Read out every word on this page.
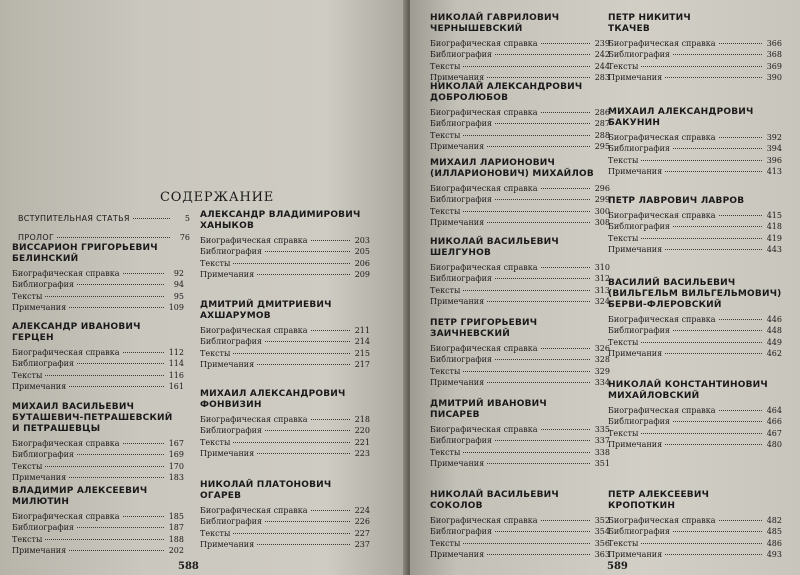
СОДЕРЖАНИЕ
ВСТУПИТЕЛЬНАЯ СТАТЬЯ	5
ПРОЛОГ	76
588
ВИССАРИОН ГРИГОРЬЕВИЧ
БЕЛИНСКИЙ
Биографическая справка	92
Библиография	94
Тексты	95
Примечания	109
АЛЕКСАНДР ИВАНОВИЧ
ГЕРЦЕН
Биографическая справка	112
Библиография	114
Тексты	116
Примечания	161
МИХАИЛ ВАСИЛЬЕВИЧ
БУТАШЕВИЧ-ПЕТРАШЕВСКИЙ
И ПЕТРАШЕВЦЫ
Биографическая справка	167
Библиография	169
Тексты	170
Примечания	183
ВЛАДИМИР АЛЕКСЕЕВИЧ
МИЛЮТИН
Биографическая справка	185
Библиография	187
Тексты	188
Примечания	202
АЛЕКСАНДР ВЛАДИМИРОВИЧ
ХАНЫКОВ
Биографическая справка	203
Библиография	205
Тексты	206
Примечания	209
ДМИТРИЙ ДМИТРИЕВИЧ
АХШАРУМОВ
Биографическая справка	211
Библиография	214
Тексты	215
Примечания	217
МИХАИЛ АЛЕКСАНДРОВИЧ
ФОНВИЗИН
Биографическая справка	218
Библиография	220
Тексты	221
Примечания	223
НИКОЛАЙ ПЛАТОНОВИЧ
ОГАРЕВ
Биографическая справка	224
Библиография	226
Тексты	227
Примечания	237
589
НИКОЛАЙ ГАВРИЛОВИЧ
ЧЕРНЫШЕВСКИЙ
Биографическая справка	239
Библиография	242
Тексты	244
Примечания	283
НИКОЛАЙ АЛЕКСАНДРОВИЧ
ДОБРОЛЮБОВ
Биографическая справка	286
Библиография	287
Тексты	288
Примечания	295
МИХАИЛ ЛАРИОНОВИЧ
(ИЛЛАРИОНОВИЧ) МИХАЙЛОВ
Биографическая справка	296
Библиография	299
Тексты	300
Примечания	308
НИКОЛАЙ ВАСИЛЬЕВИЧ
ШЕЛГУНОВ
Биографическая справка	310
Библиография	312
Тексты	313
Примечания	324
ПЕТР ГРИГОРЬЕВИЧ
ЗАИЧНЕВСКИЙ
Биографическая справка	326
Библиография	328
Тексты	329
Примечания	334
ДМИТРИЙ ИВАНОВИЧ
ПИСАРЕВ
Биографическая справка	335
Библиография	337
Тексты	338
Примечания	351
НИКОЛАЙ ВАСИЛЬЕВИЧ
СОКОЛОВ
Биографическая справка	352
Библиография	354
Тексты	356
Примечания	363
ПЕТР НИКИТИЧ
ТКАЧЕВ
Биографическая справка	366
Библиография	368
Тексты	369
Примечания	390
МИХАИЛ АЛЕКСАНДРОВИЧ
БАКУНИН
Биографическая справка	392
Библиография	394
Тексты	396
Примечания	413
ПЕТР ЛАВРОВИЧ ЛАВРОВ
Биографическая справка	415
Библиография	418
Тексты	419
Примечания	443
ВАСИЛИЙ ВАСИЛЬЕВИЧ
(ВИЛЬГЕЛЬМ ВИЛЬГЕЛЬМОВИЧ)
БЕРВИ-ФЛЕРОВСКИЙ
Биографическая справка	446
Библиография	448
Тексты	449
Примечания	462
НИКОЛАЙ КОНСТАНТИНОВИЧ
МИХАЙЛОВСКИЙ
Биографическая справка	464
Библиография	466
Тексты	467
Примечания	480
ПЕТР АЛЕКСЕЕВИЧ
КРОПОТКИН
Биографическая справка	482
Библиография	485
Тексты	486
Примечания	493
